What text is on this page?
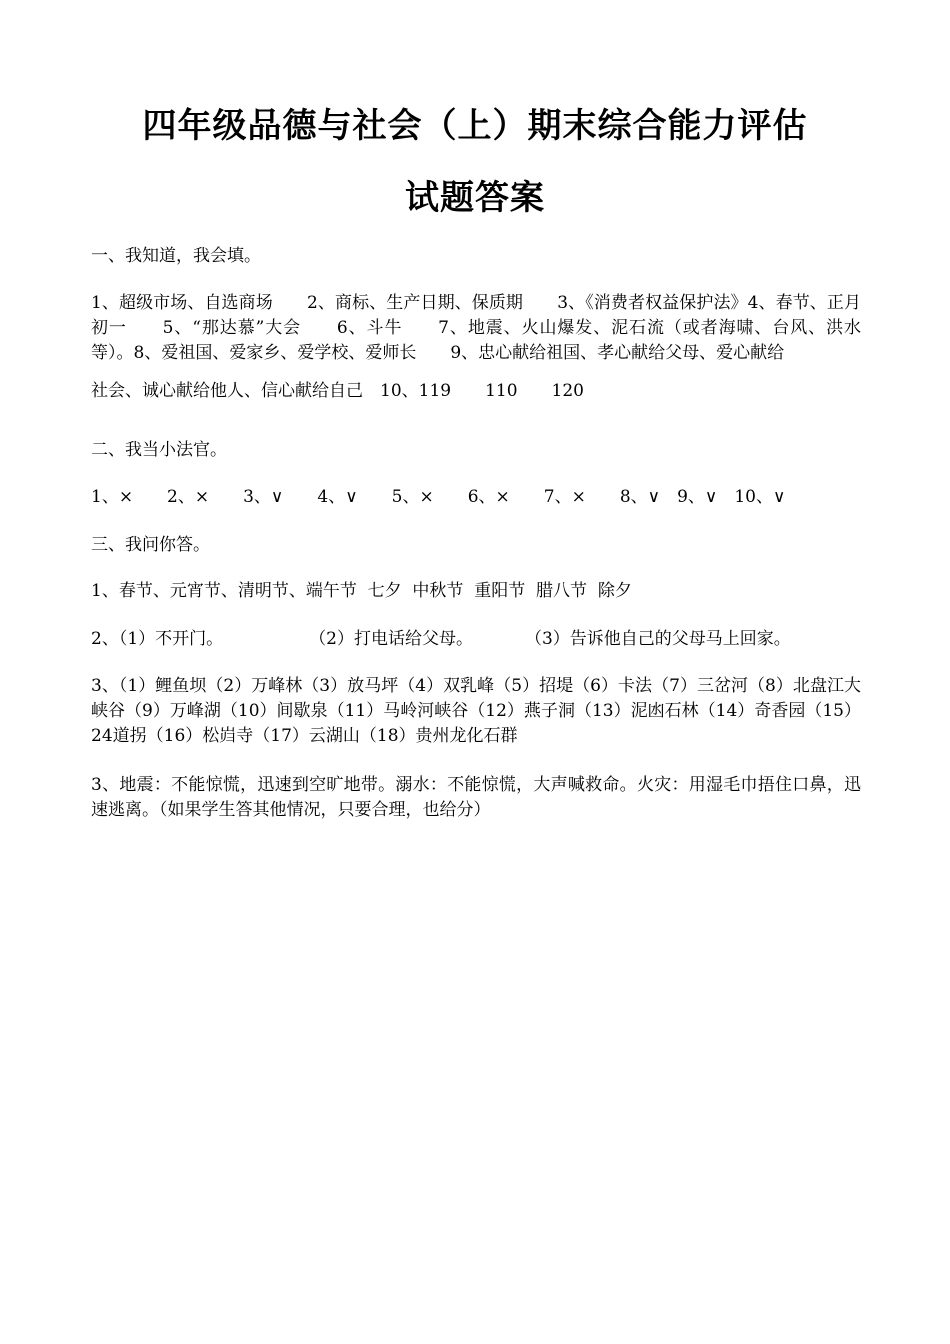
四年级品德与社会（上）期末综合能力评估
试题答案
一、我知道，我会填。
1、超级市场、自选商场　　2、商标、生产日期、保质期　　3、《消费者权益保护法》4、春节、正月初一　　5、“那达慕”大会　　6、斗牛　　7、地震、火山爆发、泥石流（或者海啸、台风、洪水等）。8、爱祖国、爱家乡、爱学校、爱师长　　9、忠心献给祖国、孝心献给父母、爱心献给
社会、诚心献给他人、信心献给自己　10、119　　110　　120
二、我当小法官。
1、×　　2、×　　3、∨　　4、∨　　5、×　　6、×　　7、×　　8、∨　9、∨　10、∨
三、我问你答。
1、春节、元宵节、清明节、端午节  七夕  中秋节  重阳节  腊八节  除夕
2、（1）不开门。	（2）打电话给父母。	（3）告诉他自己的父母马上回家。
3、（1）鲤鱼坝（2）万峰林（3）放马坪（4）双乳峰（5）招堤（6）卡法（7）三岔河（8）北盘江大峡谷（9）万峰湖（10）间歇泉（11）马岭河峡谷（12）燕子洞（13）泥凼石林（14）奇香园（15）24道拐（16）松岿寺（17）云湖山（18）贵州龙化石群
3、地震：不能惊慌，迅速到空旷地带。溺水：不能惊慌，大声喊救命。火灾：用湿毛巾捂住口鼻，迅速逃离。（如果学生答其他情况，只要合理，也给分）
